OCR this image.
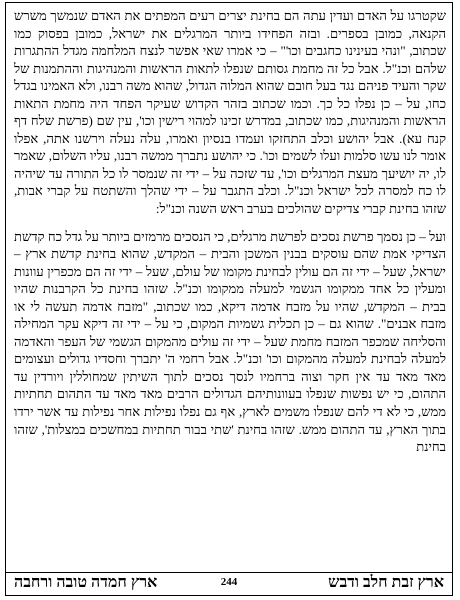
שקטרגו על האדם ועדין עתה הם בחינת יצרים רעים המפתים את האדם שנמשך משרש הקנאה, כמובן בספרים. ובזה הפחידו ביותר המרגלים את ישראל, כמובן בפסוק כמו שכתוב, "ונהי בעינינו כחגבים וכו'" – כי אמרו שאי אפשר לנצח המלחמה מגדל ההתגרות שלהם וכנ"ל. אבל כל זה מחמת גסותם שנפלו לתאות הראשות והמנהיגות וההתמנות של שקר והעיד פניהם נגד בעל חובם שהוא המלוה הגדול, שהוא משה רבנו, ולא האמינו בגדל כחו, על – כן נפלו כל כך. וכמו שכתוב בזהר הקדוש שעיקר הפחד היה מחמת התאות הראשות והמנהיגות, כמו שכתוב, במדרש זכינו למהוי רישין וכו', עין שם (פרשת שלח דף קנח עא). אבל יהושע וכלב התחזקו ועמדו בנסיון ואמרו, עלה נעלה וירשנו אתה, אפלו אומר לנו עשו סלמות ועלו לשמים וכו'. כי יהושע נתברך ממשה רבנו, עליו השלום, שאמר לו, יה יושיעך מעצת המרגלים וכו', עד שזכה על – ידי זה שנמסר לו כל התורה עד שיהיה לו כח למסרה לכל ישראל וכנ"ל. וכלב התגבר על – ידי שהלך והשתטח על קברי אבות, שזהו בחינת קברי צדיקים שהולכים בערב ראש השנה וכנ"ל:

ועל – כן נסמך פרשת נסכים לפרשת מרגלים, כי הנסכים מרמזים ביותר על גדל כח קדשת הצדיקי אמת שהם עוסקים בבנין המשכן והבית – המקדש, שהוא בחינת קדשת ארץ – ישראל, שעל – ידי זה הם עולין לבחינת מקומו של עולם, שעל – ידי זה הם מכפרין עוונות ומעלין כל אחד ממקומו הגשמי למעלה ממקומו וכנ"ל. שזהו בחינת כל הקרבנות שהיו בבית – המקדש, שהיו על מזבח אדמה דיקא, כמו שכתוב, "מזבח אדמה תעשה לי או מזבח אבנים". שהוא גם – כן תכלית גשמיות המקום, כי על – ידי זה דיקא עקר המחילה והסליחה שמכפר המזבח מחמת שעל – ידי זה עולים מהמקום הגשמי של העפר והאדמה למעלה לבחינת למעלה מהמקום וכו' וכנ"ל. אבל רחמי ה' יתברך וחסדיו גדולים ועצומים מאד מאד עד אין חקר וצוה ברחמיו לנסך נסכים לתוך השיתין שמחוללין ויורדין עד התהום, כי יש נפשות שנפלו בעוונותיהם הגדולים הרבים מאד מאד עד התהום תחתיות ממש, כי לא די להם שנפלו משמים לארץ, אף גם נפלו נפילות אחר נפילות עד אשר ירדו בתוך הארץ, עד התהום ממש. שזהו בחינת 'שתי בבור תחתיות במחשכים במצלות', שזהו בחינת

ארץ זבת חלב ודבש
244
ארץ חמדה טובה ורחבה
